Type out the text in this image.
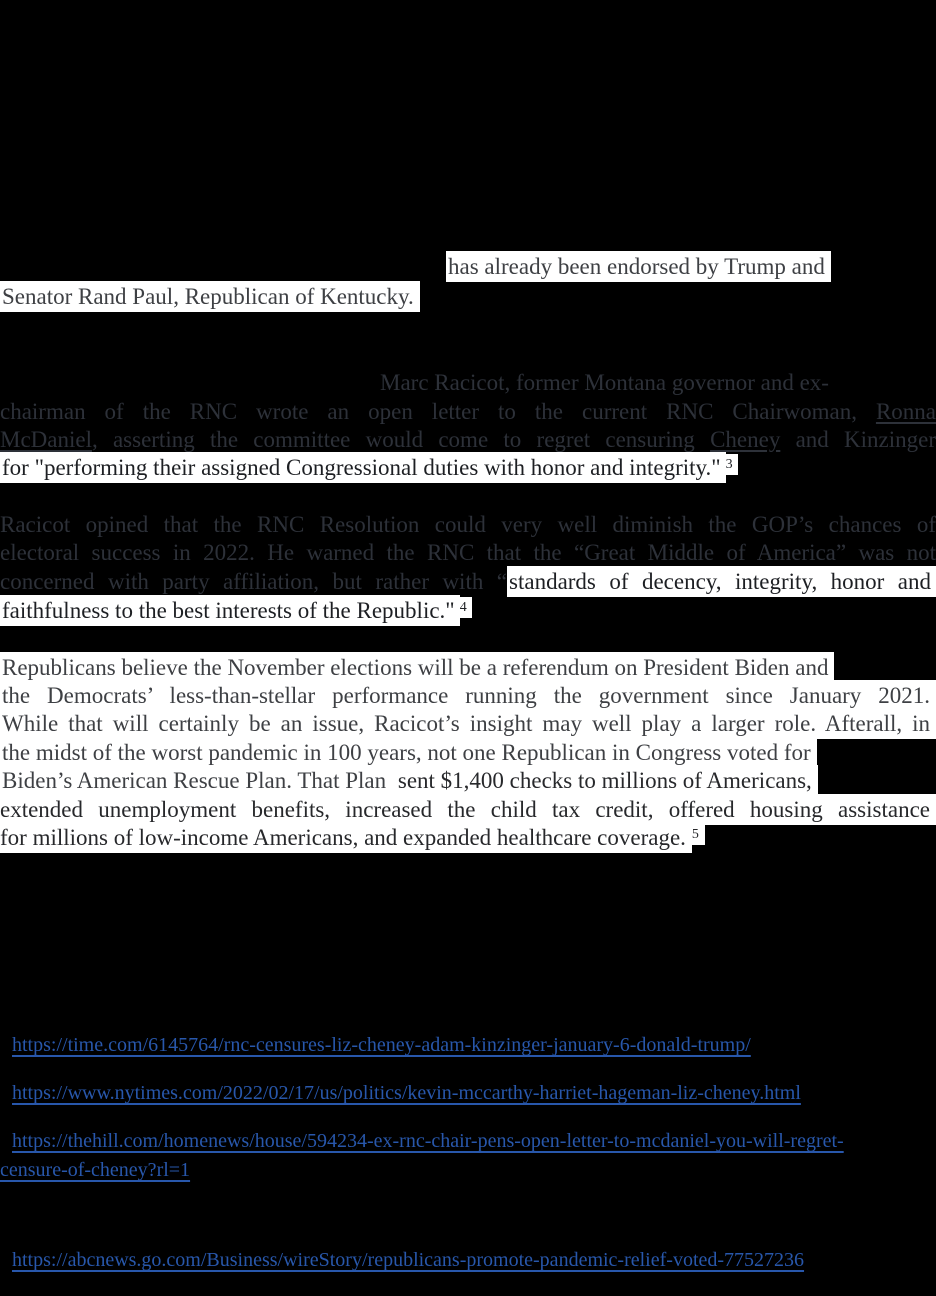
has already been endorsed by Trump and
Senator Rand Paul, Republican of Kentucky.
Marc Racicot, former Montana governor and ex-
chairman of the RNC wrote an open letter to the current RNC Chairwoman, Ronna
McDaniel, asserting the committee would come to regret censuring Cheney and Kinzinger
for "performing their assigned Congressional duties with honor and integrity." $^3$
Racicot opined that the RNC Resolution could very well diminish the GOP’s chances of
electoral success in 2022. He warned the RNC that the “Great Middle of America” was not
concerned with party affiliation, but rather with “standards of decency, integrity, honor and
faithfulness to the best interests of the Republic." $^4$
Republicans believe the November elections will be a referendum on President Biden and
the Democrats’ less-than-stellar performance running the government since January 2021.
While that will certainly be an issue, Racicot’s insight may well play a larger role. Afterall, in
the midst of the worst pandemic in 100 years, not one Republican in Congress voted for
Biden’s American Rescue Plan. That Plan sent $1,400 checks to millions of Americans,
extended unemployment benefits, increased the child tax credit, offered housing assistance
for millions of low-income Americans, and expanded healthcare coverage. $^5$
https://time.com/6145764/rnc-censures-liz-cheney-adam-kinzinger-january-6-donald-trump/
https://www.nytimes.com/2022/02/17/us/politics/kevin-mccarthy-harriet-hageman-liz-cheney.html
https://thehill.com/homenews/house/594234-ex-rnc-chair-pens-open-letter-to-mcdaniel-you-will-regret-
censure-of-cheney?rl=1
https://abcnews.go.com/Business/wireStory/republicans-promote-pandemic-relief-voted-77527236
